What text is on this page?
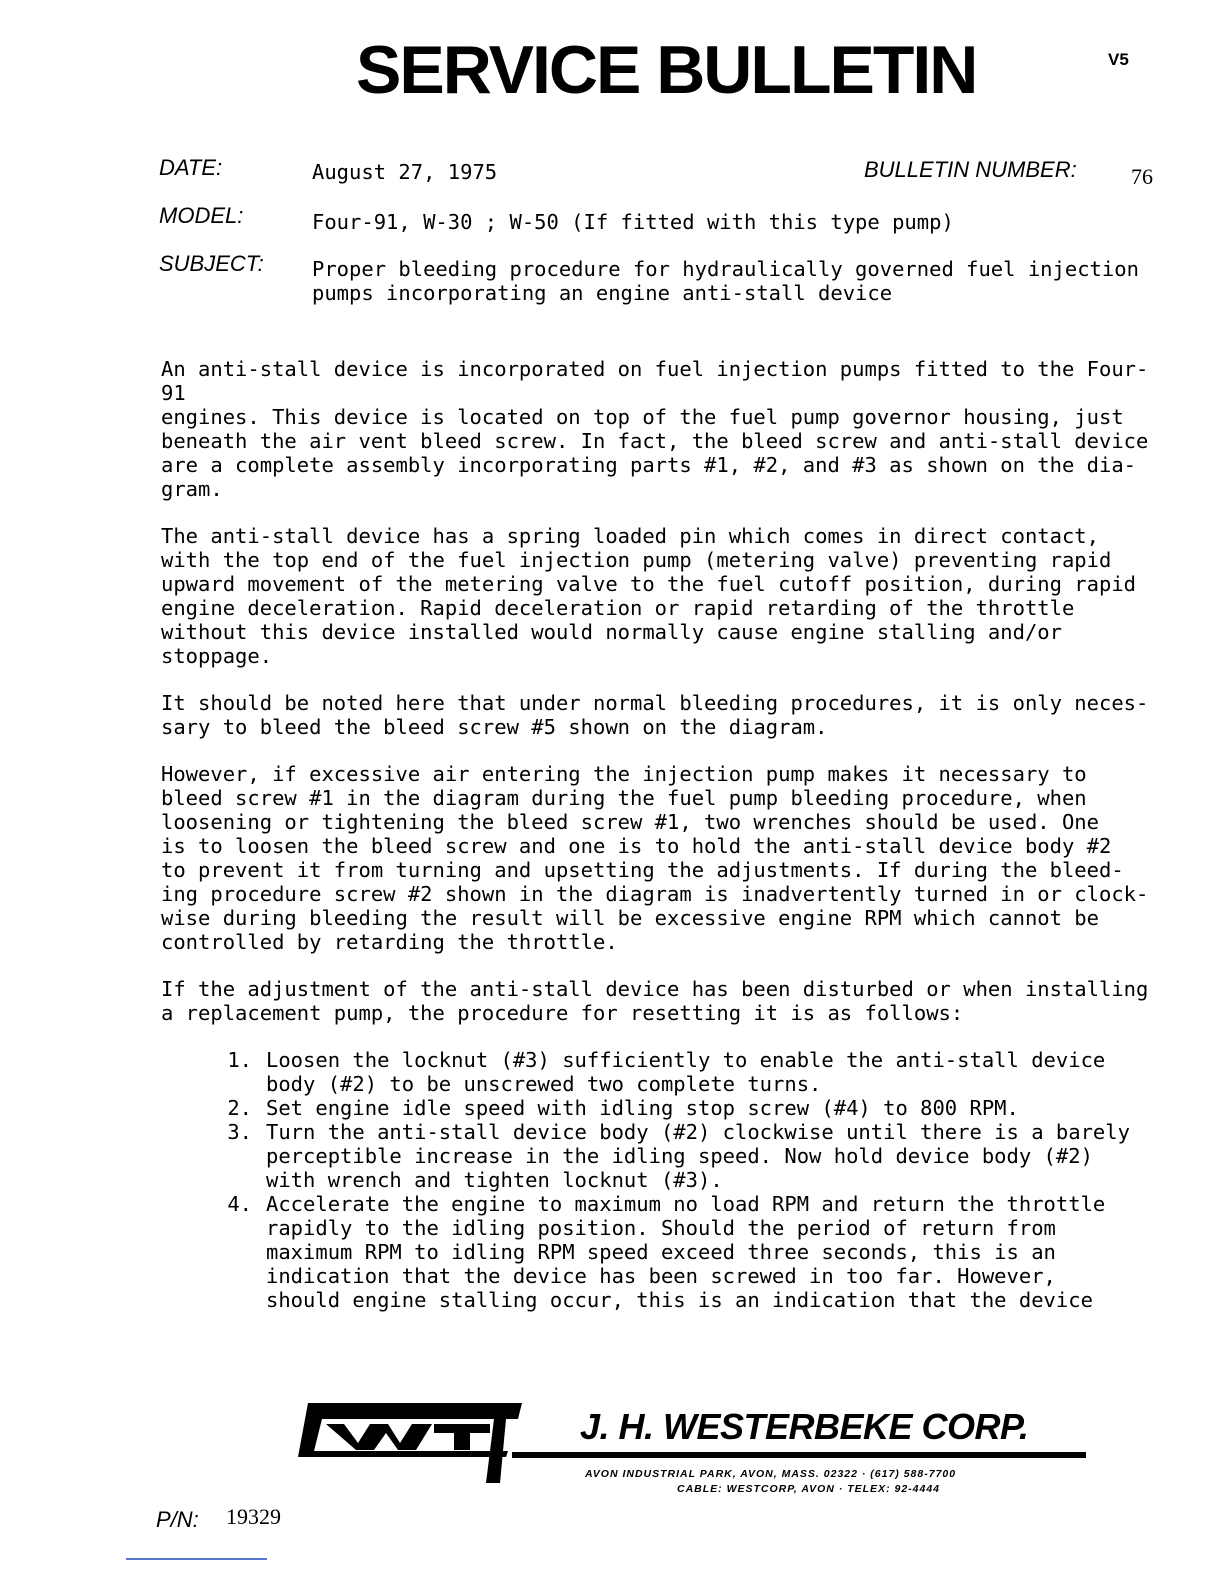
SERVICE BULLETIN	V5
DATE:	August 27, 1975	BULLETIN NUMBER: 76
MODEL:	Four-91, W-30 ; W-50 (If fitted with this type pump)
SUBJECT: Proper bleeding procedure for hydraulically governed fuel injection
pumps incorporating an engine anti-stall device

An anti-stall device is incorporated on fuel injection pumps fitted to the Four-91
engines. This device is located on top of the fuel pump governor housing, just
beneath the air vent bleed screw. In fact, the bleed screw and anti-stall device
are a complete assembly incorporating parts #1, #2, and #3 as shown on the dia-
gram.

The anti-stall device has a spring loaded pin which comes in direct contact,
with the top end of the fuel injection pump (metering valve) preventing rapid
upward movement of the metering valve to the fuel cutoff position, during rapid
engine deceleration. Rapid deceleration or rapid retarding of the throttle
without this device installed would normally cause engine stalling and/or
stoppage.

It should be noted here that under normal bleeding procedures, it is only neces-
sary to bleed the bleed screw #5 shown on the diagram.

However, if excessive air entering the injection pump makes it necessary to
bleed screw #1 in the diagram during the fuel pump bleeding procedure, when
loosening or tightening the bleed screw #1, two wrenches should be used. One
is to loosen the bleed screw and one is to hold the anti-stall device body #2
to prevent it from turning and upsetting the adjustments. If during the bleed-
ing procedure screw #2 shown in the diagram is inadvertently turned in or clock-
wise during bleeding the result will be excessive engine RPM which cannot be
controlled by retarding the throttle.

If the adjustment of the anti-stall device has been disturbed or when installing
a replacement pump, the procedure for resetting it is as follows:

1. Loosen the locknut (#3) sufficiently to enable the anti-stall device
body (#2) to be unscrewed two complete turns.
2. Set engine idle speed with idling stop screw (#4) to 800 RPM.
3. Turn the anti-stall device body (#2) clockwise until there is a barely
perceptible increase in the idling speed. Now hold device body (#2)
with wrench and tighten locknut (#3).
4. Accelerate the engine to maximum no load RPM and return the throttle
rapidly to the idling position. Should the period of return from
maximum RPM to idling RPM speed exceed three seconds, this is an
indication that the device has been screwed in too far. However,
should engine stalling occur, this is an indication that the device
J. H. WESTERBEKE CORP.
AVON INDUSTRIAL PARK, AVON, MASS. 02322 · (617) 588-7700
CABLE: WESTCORP, AVON · TELEX: 92-4444
P/N: 19329
